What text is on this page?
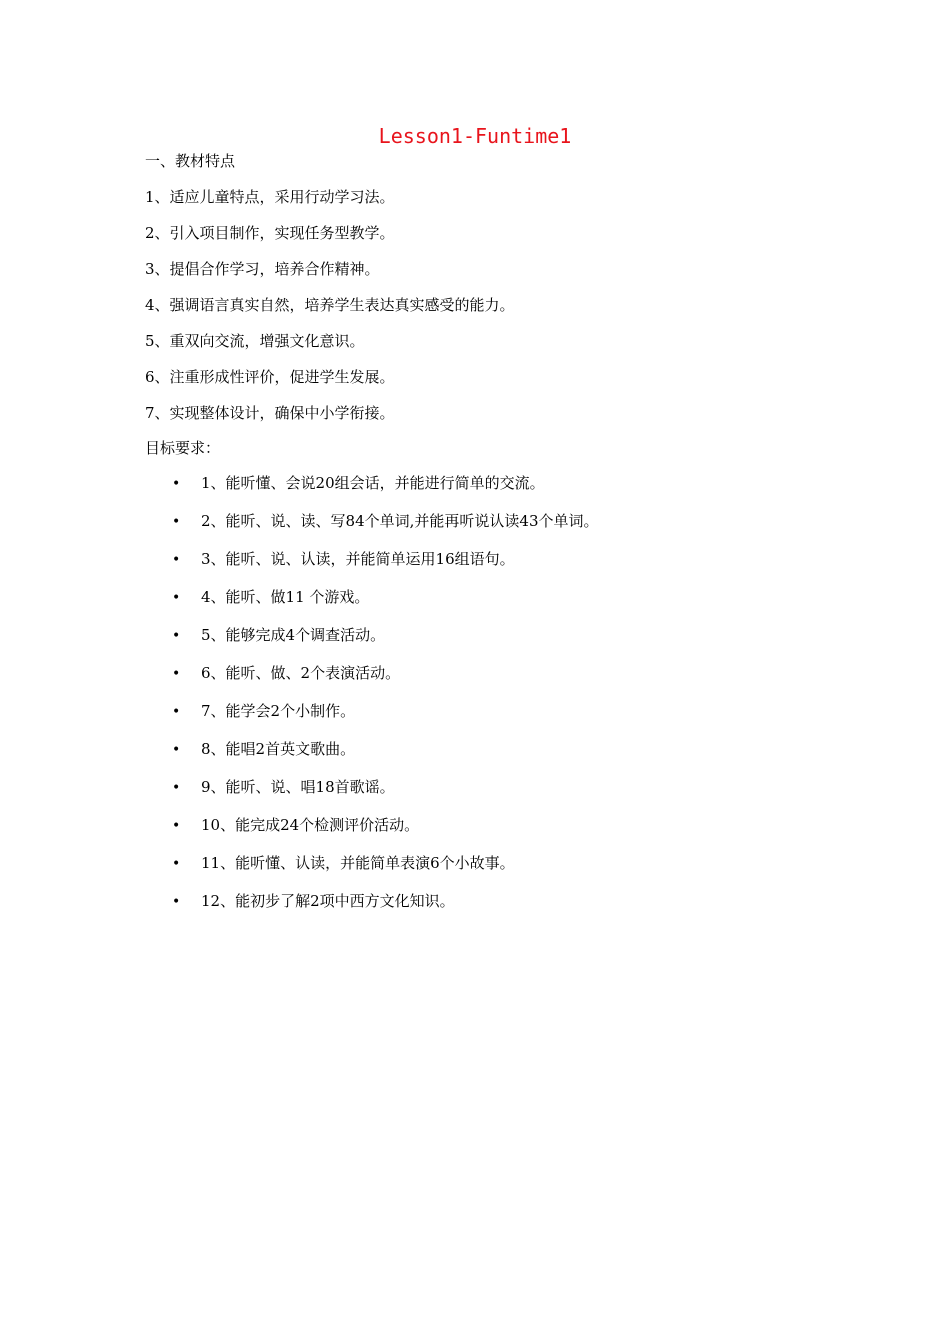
Lesson1-Funtime1
一、教材特点
1、适应儿童特点，采用行动学习法。
2、引入项目制作，实现任务型教学。
3、提倡合作学习，培养合作精神。
4、强调语言真实自然，培养学生表达真实感受的能力。
5、重双向交流，增强文化意识。
6、注重形成性评价，促进学生发展。
7、实现整体设计，确保中小学衔接。
目标要求：
• 1、能听懂、会说20组会话，并能进行简单的交流。
• 2、能听、说、读、写84个单词,并能再听说认读43个单词。
• 3、能听、说、认读，并能简单运用16组语句。
• 4、能听、做11 个游戏。
• 5、能够完成4个调查活动。
• 6、能听、做、2个表演活动。
• 7、能学会2个小制作。
• 8、能唱2首英文歌曲。
• 9、能听、说、唱18首歌谣。
• 10、能完成24个检测评价活动。
• 11、能听懂、认读，并能简单表演6个小故事。
• 12、能初步了解2项中西方文化知识。
